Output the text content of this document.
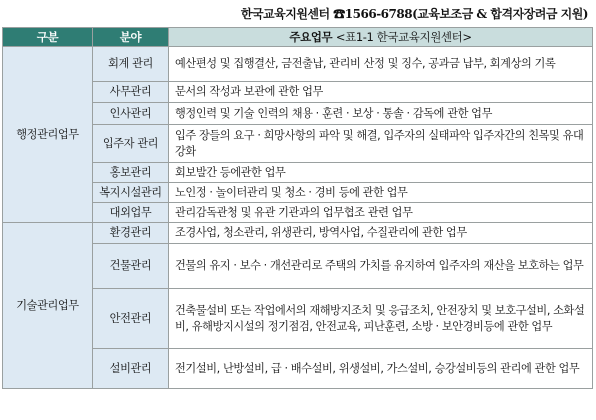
한국교육지원센터 ☎1566-6788(교육보조금 & 합격자장려금 지원)
구분	분야	주요업무 <표1-1 한국교육지원센터>
행정관리업무	회계 관리	예산편성 및 집행결산, 금전출납, 관리비 산정 및 징수, 공과금 납부, 회계상의 기록
	사무관리	문서의 작성과 보관에 관한 업무
	인사관리	행정인력 및 기술 인력의 채용 · 훈련 · 보상 · 통솔 · 감독에 관한 업무
	입주자 관리	입주 장들의 요구 · 희망사항의 파악 및 해결, 입주자의 실태파악 입주자간의 친목및 유대강화
	홍보관리	회보발간 등에관한 업무
	복지시설관리	노인정 · 놀이터관리 및 청소 · 경비 등에 관한 업무
	대외업무	관리감독관청 및 유관 기관과의 업무협조 관련 업무
기술관리업무	환경관리	조경사업, 청소관리, 위생관리, 방역사업, 수질관리에 관한 업무
	건물관리	건물의 유지 · 보수 · 개선관리로 주택의 가치를 유지하여 입주자의 재산을 보호하는 업무
	안전관리	건축물설비 또는 작업에서의 재해방지조치 및 응급조치, 안전장치 및 보호구설비, 소화설비, 유해방지시설의 정기점검, 안전교육, 피난훈련, 소방 · 보안경비등에 관한 업무
	설비관리	전기설비, 난방설비, 급 · 배수설비, 위생설비, 가스설비, 승강설비등의 관리에 관한 업무
